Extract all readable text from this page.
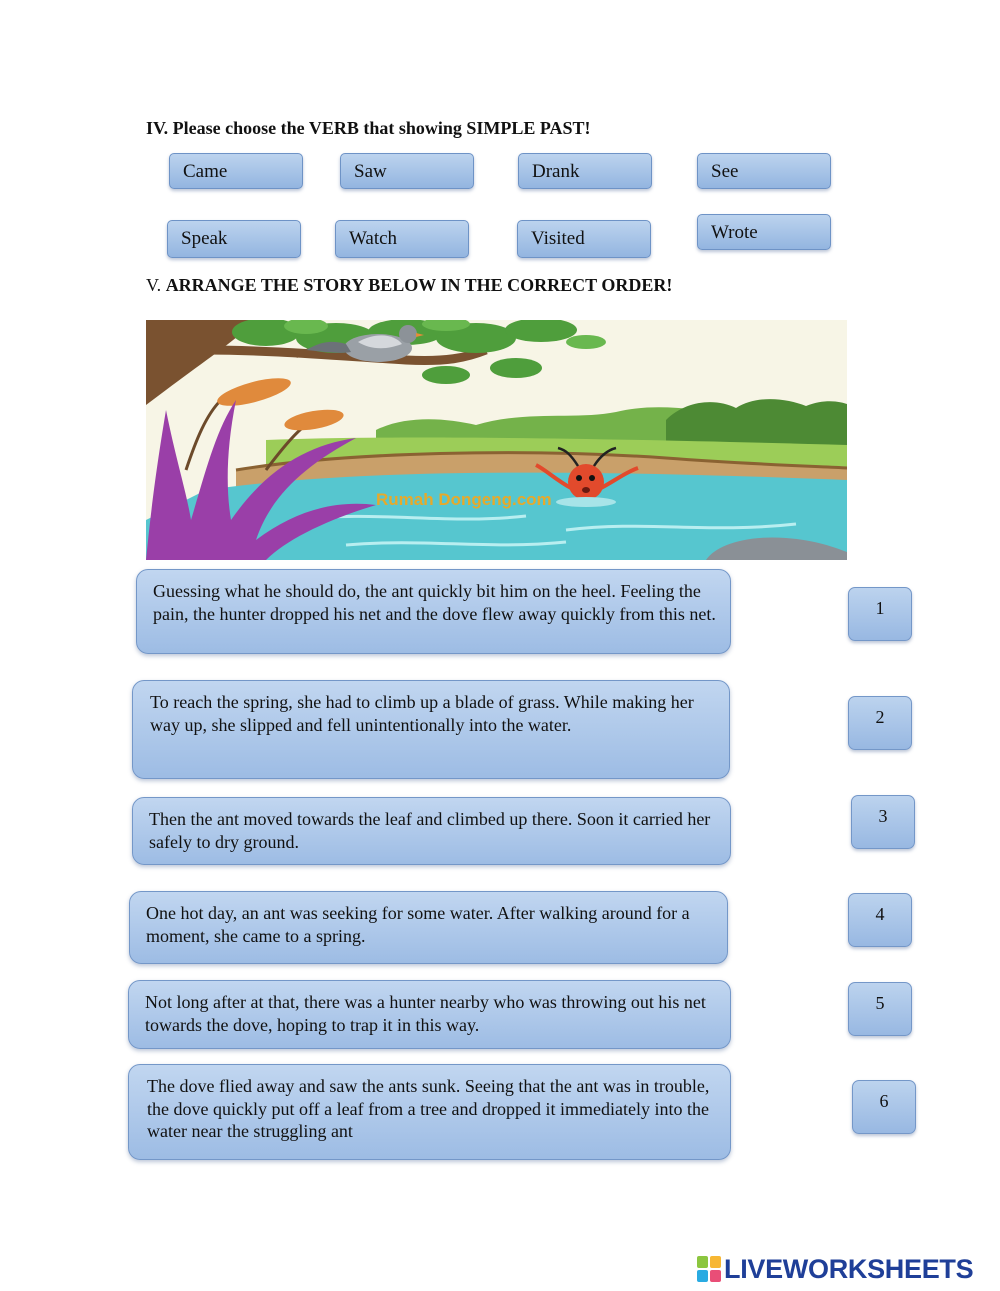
IV. Please choose the VERB that showing SIMPLE PAST!

Came	Saw	Drank	See
Speak	Watch	Visited	Wrote

V. ARRANGE THE STORY BELOW IN THE CORRECT ORDER!

Rumah Dongeng.com
Guessing what he should do, the ant quickly bit him on the heel. Feeling the pain, the hunter dropped his net and the dove flew away quickly from this net.
To reach the spring, she had to climb up a blade of grass. While making her way up, she slipped and fell unintentionally into the water.
Then the ant moved towards the leaf and climbed up there. Soon it carried her safely to dry ground.
One hot day, an ant was seeking for some water. After walking around for a moment, she came to a spring.
Not long after at that, there was a hunter nearby who was throwing out his net towards the dove, hoping to trap it in this way.
The dove flied away and saw the ants sunk. Seeing that the ant was in trouble, the dove quickly put off a leaf from a tree and dropped it immediately into the water near the struggling ant
1
2
3
4
5
6
LIVEWORKSHEETS
